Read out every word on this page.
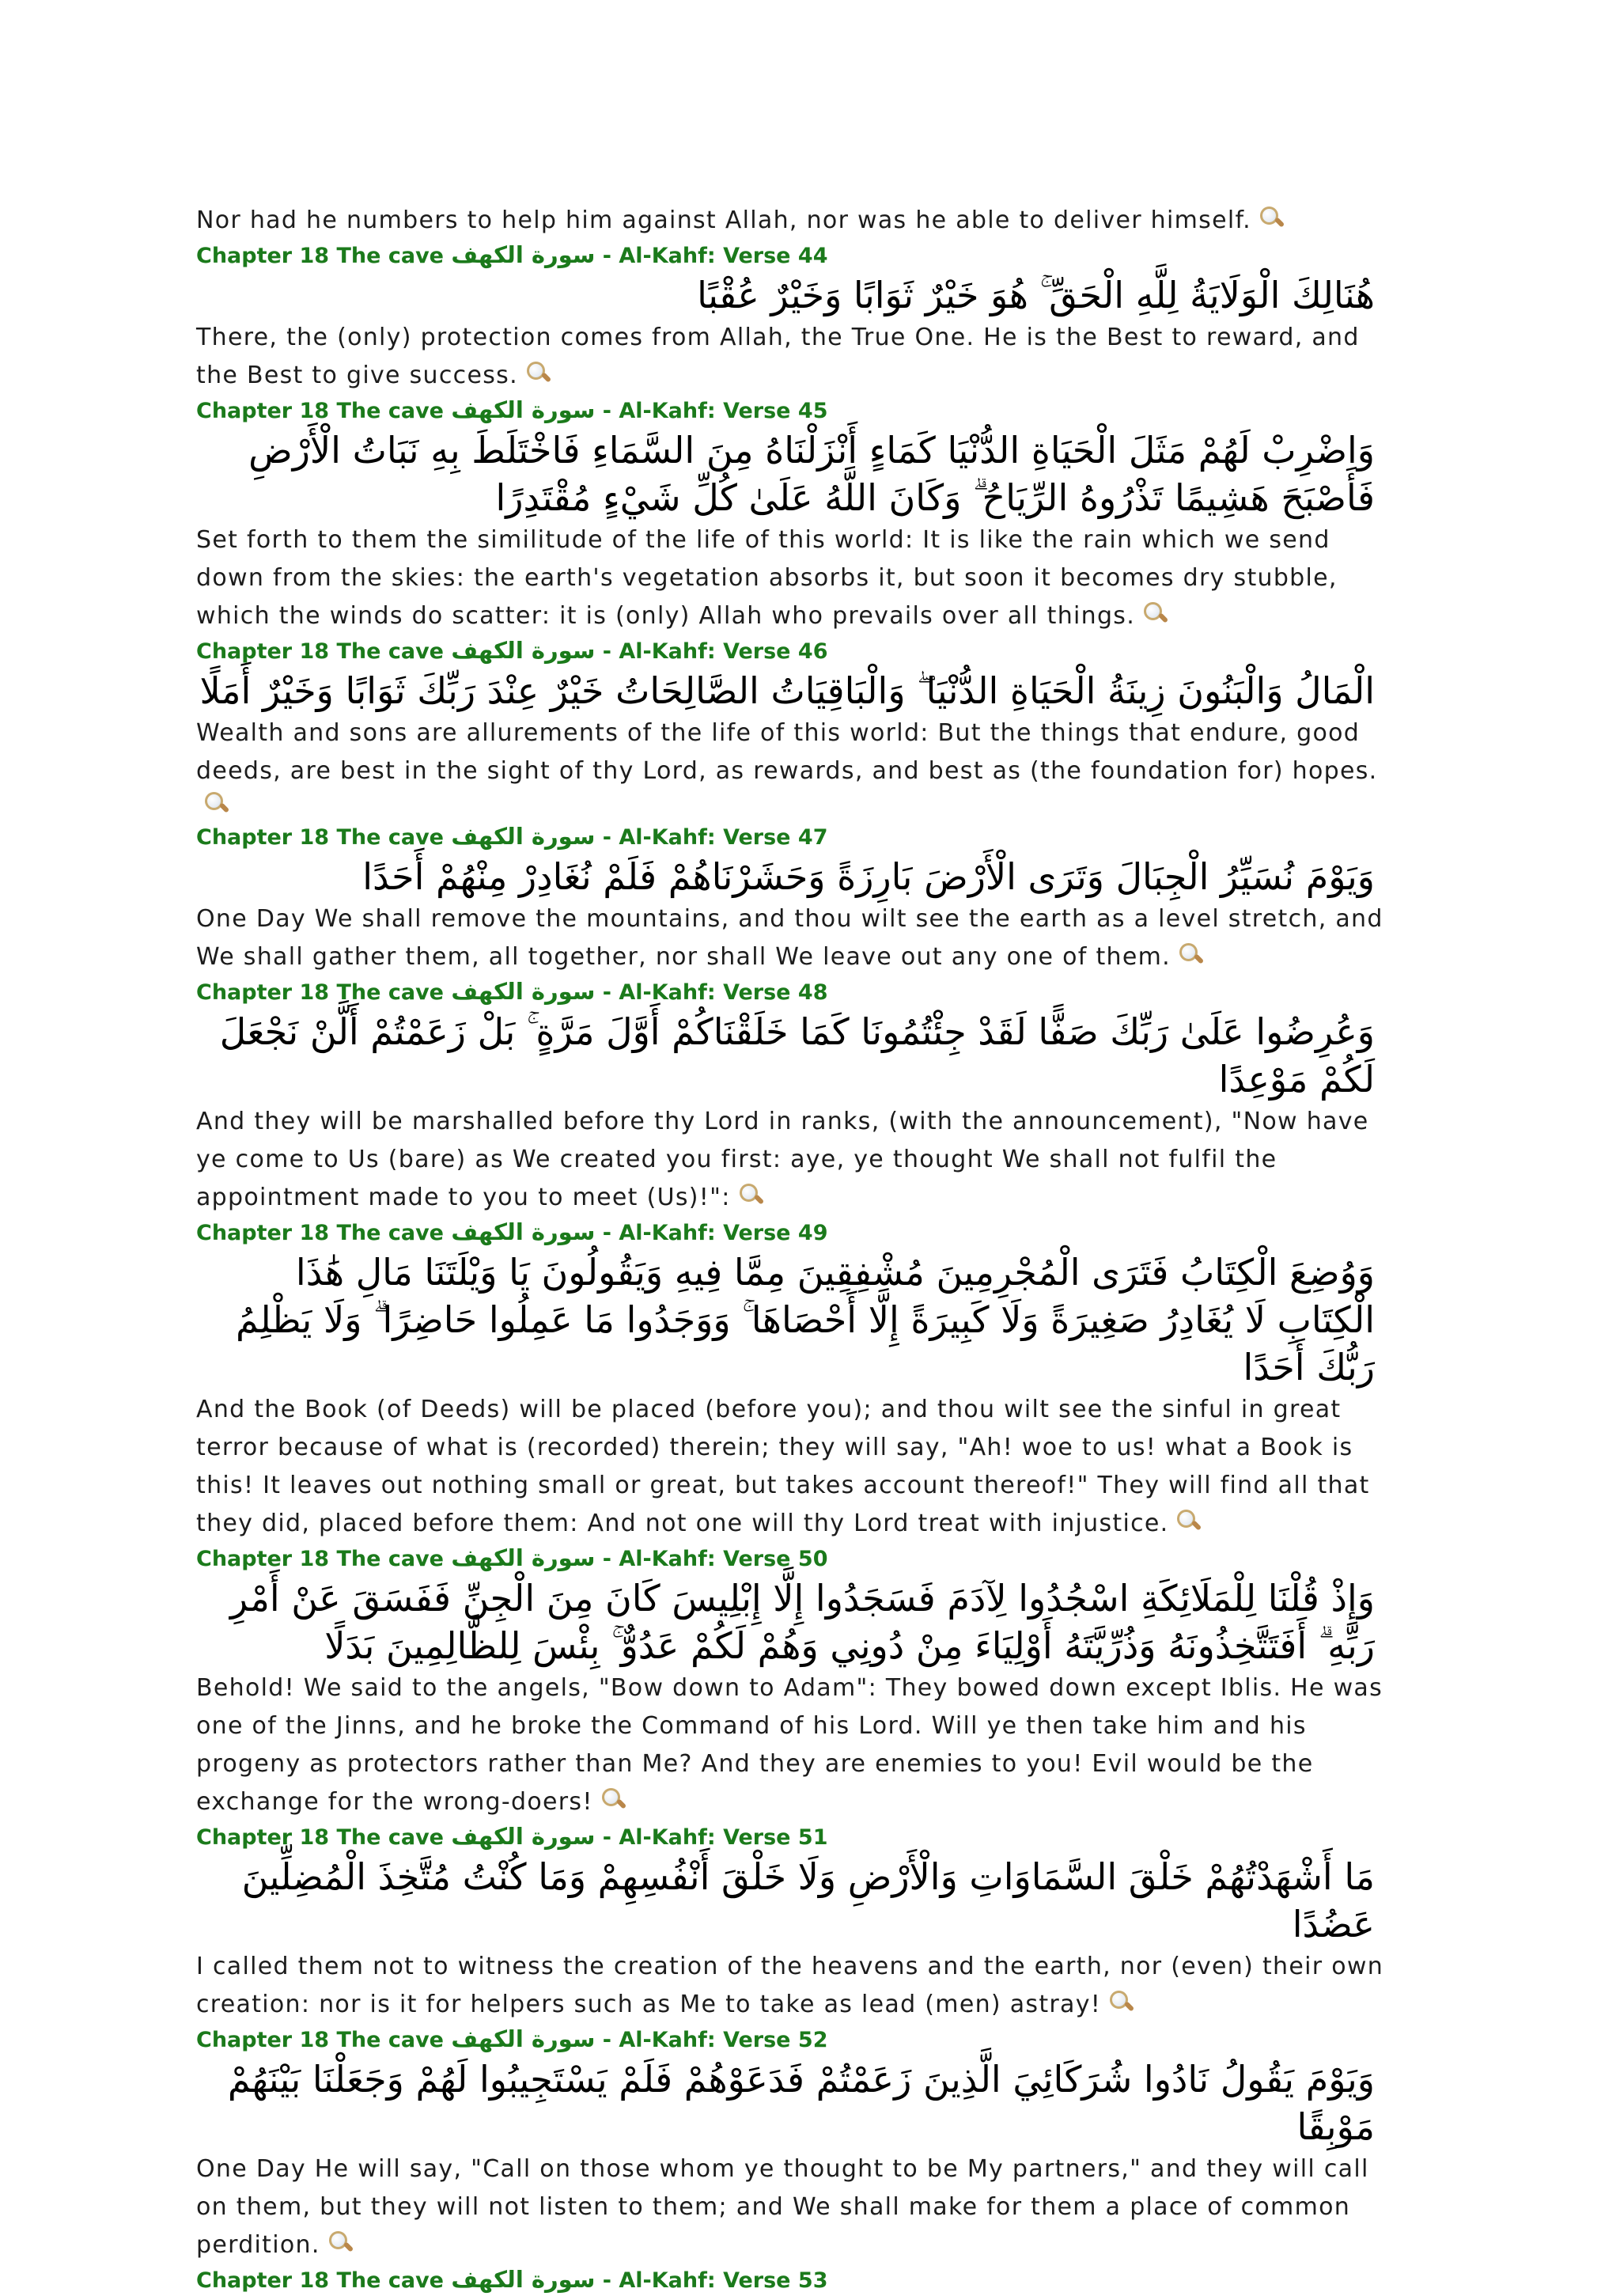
Nor had he numbers to help him against Allah, nor was he able to deliver himself.

Chapter 18 The cave سورة الكهف - Al-Kahf: Verse 44

هُنَالِكَ الْوَلَايَةُ لِلَّهِ الْحَقِّ ۚ هُوَ خَيْرٌ ثَوَابًا وَخَيْرٌ عُقْبًا

There, the (only) protection comes from Allah, the True One. He is the Best to reward, and the Best to give success.

Chapter 18 The cave سورة الكهف - Al-Kahf: Verse 45

وَاضْرِبْ لَهُمْ مَثَلَ الْحَيَاةِ الدُّنْيَا كَمَاءٍ أَنْزَلْنَاهُ مِنَ السَّمَاءِ فَاخْتَلَطَ بِهِ نَبَاتُ الْأَرْضِ فَأَصْبَحَ هَشِيمًا تَذْرُوهُ الرِّيَاحُ ۗ وَكَانَ اللَّهُ عَلَىٰ كُلِّ شَيْءٍ مُقْتَدِرًا

Set forth to them the similitude of the life of this world: It is like the rain which we send down from the skies: the earth's vegetation absorbs it, but soon it becomes dry stubble, which the winds do scatter: it is (only) Allah who prevails over all things.

Chapter 18 The cave سورة الكهف - Al-Kahf: Verse 46

الْمَالُ وَالْبَنُونَ زِينَةُ الْحَيَاةِ الدُّنْيَا ۖ وَالْبَاقِيَاتُ الصَّالِحَاتُ خَيْرٌ عِنْدَ رَبِّكَ ثَوَابًا وَخَيْرٌ أَمَلًا

Wealth and sons are allurements of the life of this world: But the things that endure, good deeds, are best in the sight of thy Lord, as rewards, and best as (the foundation for) hopes.

Chapter 18 The cave سورة الكهف - Al-Kahf: Verse 47

وَيَوْمَ نُسَيِّرُ الْجِبَالَ وَتَرَى الْأَرْضَ بَارِزَةً وَحَشَرْنَاهُمْ فَلَمْ نُغَادِرْ مِنْهُمْ أَحَدًا

One Day We shall remove the mountains, and thou wilt see the earth as a level stretch, and We shall gather them, all together, nor shall We leave out any one of them.

Chapter 18 The cave سورة الكهف - Al-Kahf: Verse 48

وَعُرِضُوا عَلَىٰ رَبِّكَ صَفًّا لَقَدْ جِئْتُمُونَا كَمَا خَلَقْنَاكُمْ أَوَّلَ مَرَّةٍ ۚ بَلْ زَعَمْتُمْ أَلَّنْ نَجْعَلَ لَكُمْ مَوْعِدًا

And they will be marshalled before thy Lord in ranks, (with the announcement), "Now have ye come to Us (bare) as We created you first: aye, ye thought We shall not fulfil the appointment made to you to meet (Us)!":

Chapter 18 The cave سورة الكهف - Al-Kahf: Verse 49

وَوُضِعَ الْكِتَابُ فَتَرَى الْمُجْرِمِينَ مُشْفِقِينَ مِمَّا فِيهِ وَيَقُولُونَ يَا وَيْلَتَنَا مَالِ هَٰذَا الْكِتَابِ لَا يُغَادِرُ صَغِيرَةً وَلَا كَبِيرَةً إِلَّا أَحْصَاهَا ۚ وَوَجَدُوا مَا عَمِلُوا حَاضِرًا ۗ وَلَا يَظْلِمُ رَبُّكَ أَحَدًا

And the Book (of Deeds) will be placed (before you); and thou wilt see the sinful in great terror because of what is (recorded) therein; they will say, "Ah! woe to us! what a Book is this! It leaves out nothing small or great, but takes account thereof!" They will find all that they did, placed before them: And not one will thy Lord treat with injustice.

Chapter 18 The cave سورة الكهف - Al-Kahf: Verse 50

وَإِذْ قُلْنَا لِلْمَلَائِكَةِ اسْجُدُوا لِآدَمَ فَسَجَدُوا إِلَّا إِبْلِيسَ كَانَ مِنَ الْجِنِّ فَفَسَقَ عَنْ أَمْرِ رَبِّهِ ۗ أَفَتَتَّخِذُونَهُ وَذُرِّيَّتَهُ أَوْلِيَاءَ مِنْ دُونِي وَهُمْ لَكُمْ عَدُوٌّ ۚ بِئْسَ لِلظَّالِمِينَ بَدَلًا

Behold! We said to the angels, "Bow down to Adam": They bowed down except Iblis. He was one of the Jinns, and he broke the Command of his Lord. Will ye then take him and his progeny as protectors rather than Me? And they are enemies to you! Evil would be the exchange for the wrong-doers!

Chapter 18 The cave سورة الكهف - Al-Kahf: Verse 51

مَا أَشْهَدْتُهُمْ خَلْقَ السَّمَاوَاتِ وَالْأَرْضِ وَلَا خَلْقَ أَنْفُسِهِمْ وَمَا كُنْتُ مُتَّخِذَ الْمُضِلِّينَ عَضُدًا

I called them not to witness the creation of the heavens and the earth, nor (even) their own creation: nor is it for helpers such as Me to take as lead (men) astray!

Chapter 18 The cave سورة الكهف - Al-Kahf: Verse 52

وَيَوْمَ يَقُولُ نَادُوا شُرَكَائِيَ الَّذِينَ زَعَمْتُمْ فَدَعَوْهُمْ فَلَمْ يَسْتَجِيبُوا لَهُمْ وَجَعَلْنَا بَيْنَهُمْ مَوْبِقًا

One Day He will say, "Call on those whom ye thought to be My partners," and they will call on them, but they will not listen to them; and We shall make for them a place of common perdition.

Chapter 18 The cave سورة الكهف - Al-Kahf: Verse 53
